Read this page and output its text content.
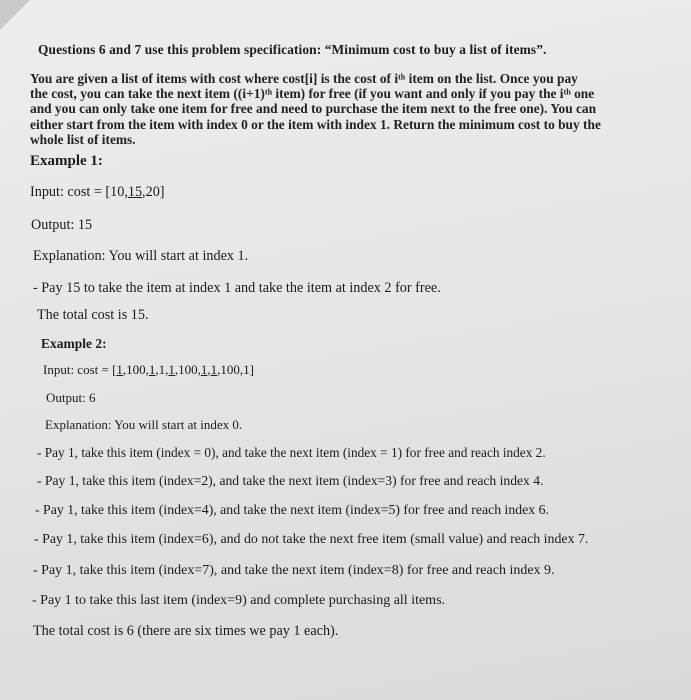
Questions 6 and 7 use this problem specification: “Minimum cost to buy a list of items”.

You are given a list of items with cost where cost[i] is the cost of iᵗʰ item on the list. Once you pay

the cost, you can take the next item ((i+1)ᵗʰ item) for free (if you want and only if you pay the iᵗʰ one

and you can only take one item for free and need to purchase the item next to the free one). You can

either start from the item with index 0 or the item with index 1. Return the minimum cost to buy the

whole list of items.

Example 1:
Input: cost = [10,15,20]
Output: 15
Explanation: You will start at index 1.
- Pay 15 to take the item at index 1 and take the item at index 2 for free.
The total cost is 15.
Example 2:
Input: cost = [1,100,1,1,1,100,1,1,100,1]
Output: 6
Explanation: You will start at index 0.
- Pay 1, take this item (index = 0), and take the next item (index = 1) for free and reach index 2.
- Pay 1, take this item (index=2), and take the next item (index=3) for free and reach index 4.
- Pay 1, take this item (index=4), and take the next item (index=5) for free and reach index 6.
- Pay 1, take this item (index=6), and do not take the next free item (small value) and reach index 7.
- Pay 1, take this item (index=7), and take the next item (index=8) for free and reach index 9.
- Pay 1 to take this last item (index=9) and complete purchasing all items.
The total cost is 6 (there are six times we pay 1 each).
